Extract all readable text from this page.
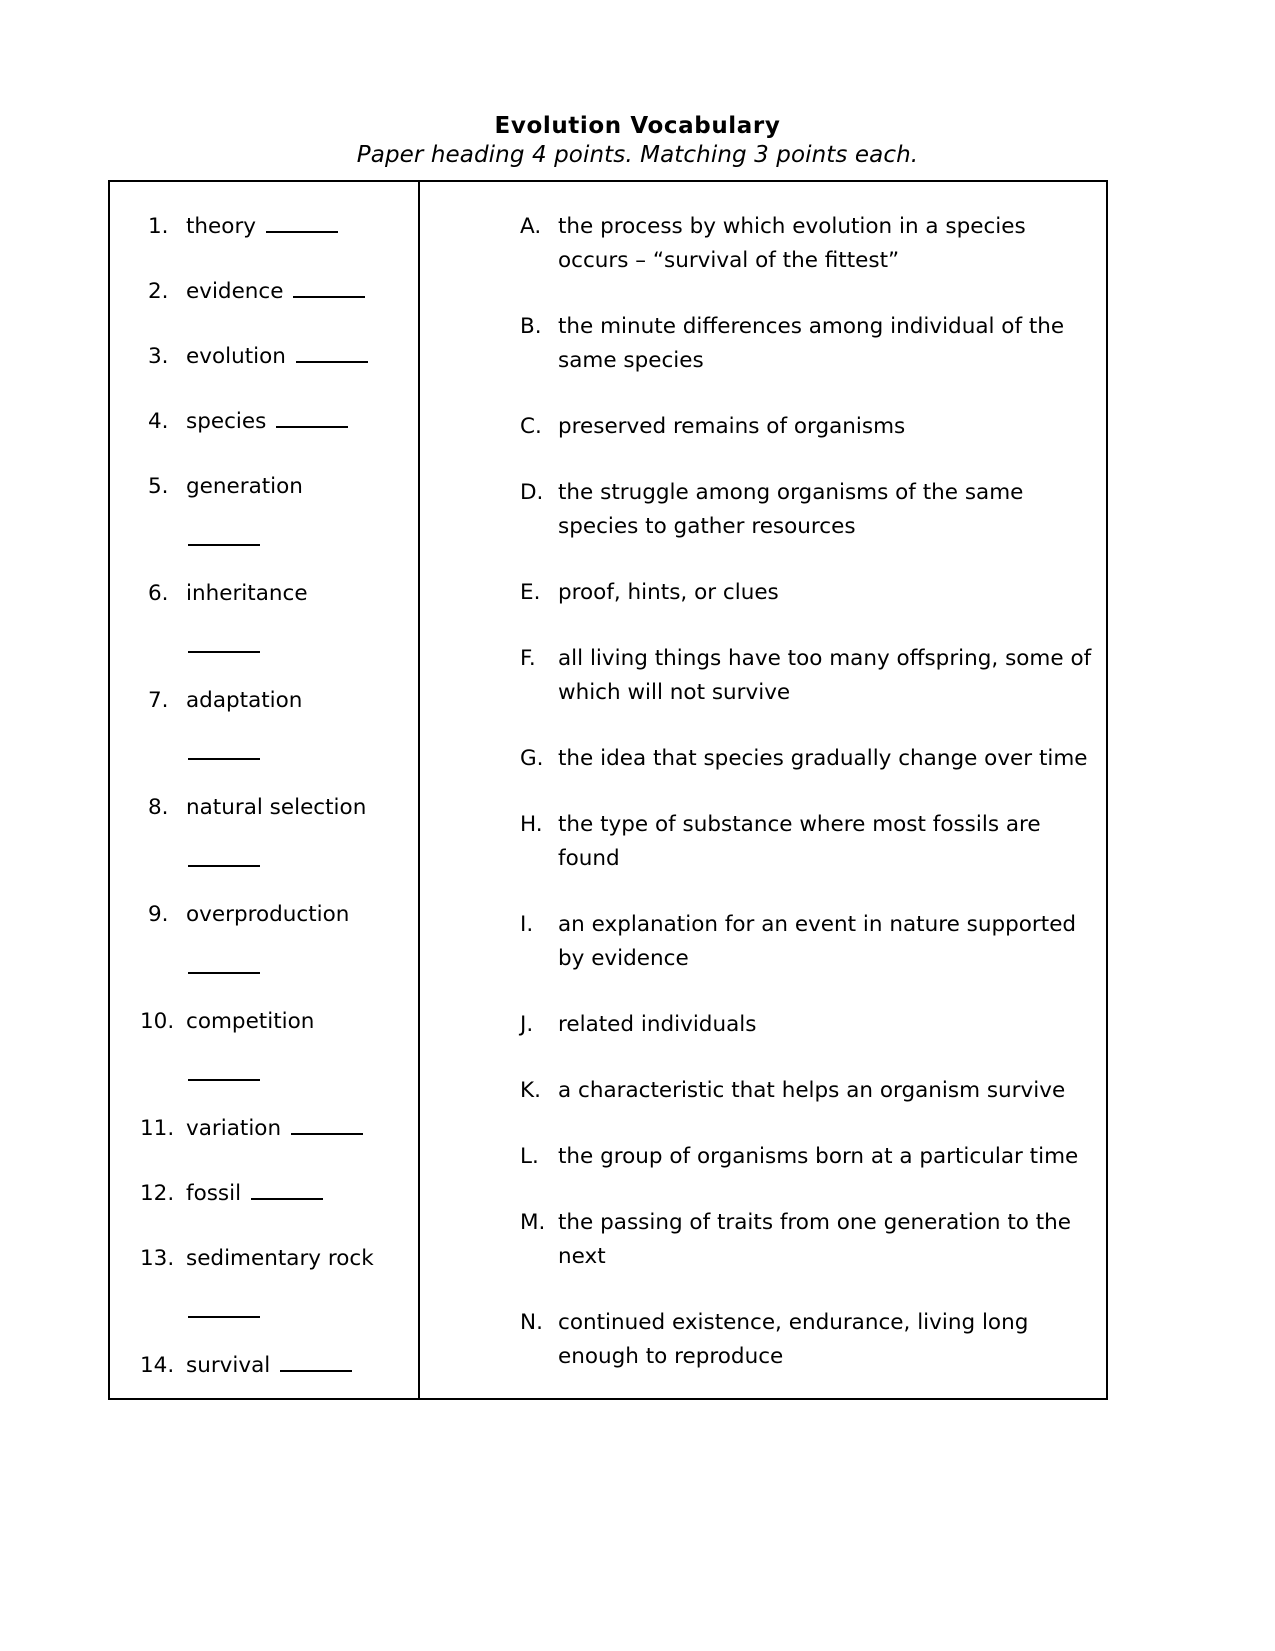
Evolution Vocabulary
Paper heading 4 points. Matching 3 points each.
1. theory
2. evidence
3. evolution
4. species
5. generation
6. inheritance
7. adaptation
8. natural selection
9. overproduction
10. competition
11. variation
12. fossil
13. sedimentary rock
14. survival
A. the process by which evolution in a species occurs – “survival of the fittest”
B. the minute differences among individual of the same species
C. preserved remains of organisms
D. the struggle among organisms of the same species to gather resources
E. proof, hints, or clues
F.	all living things have too many offspring, some of which will not survive
G. the idea that species gradually change over time
H. the type of substance where most fossils are found
I.	an explanation for an event in nature supported by evidence
J.	related individuals
K. a characteristic that helps an organism survive
L. the group of organisms born at a particular time
M. the passing of traits from one generation to the next
N. continued existence, endurance, living long enough to reproduce
